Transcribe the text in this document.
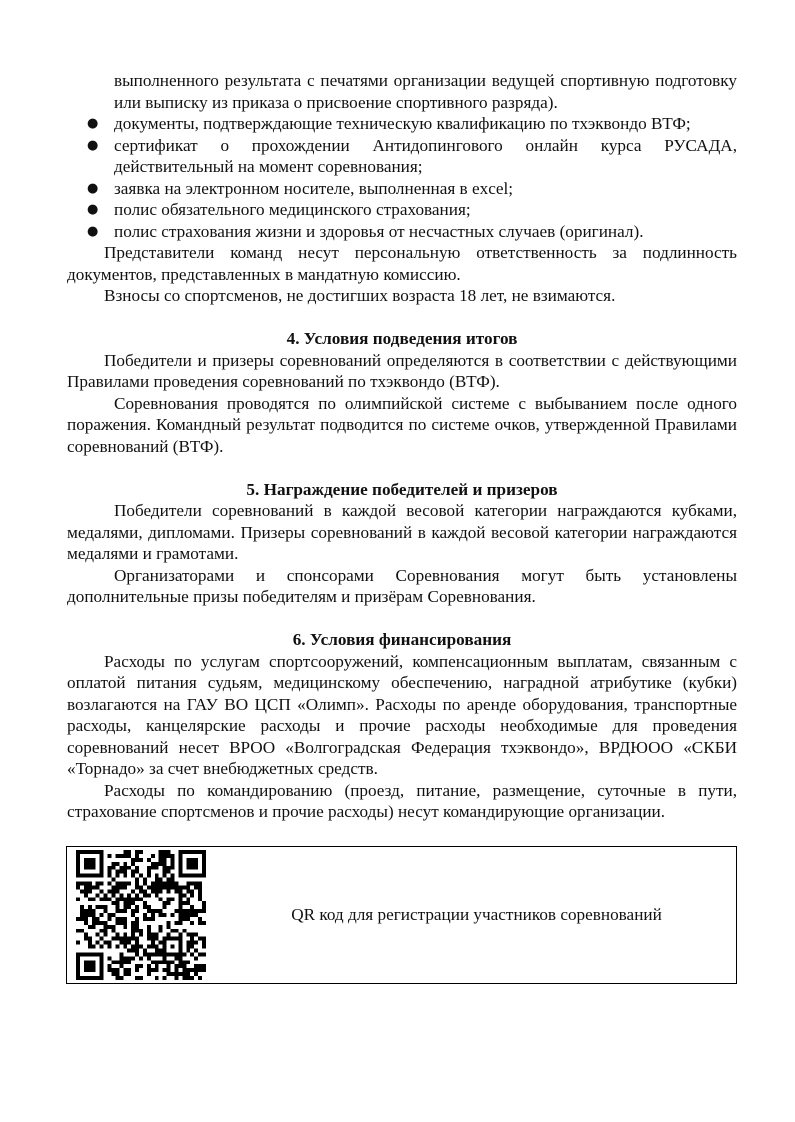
выполненного результата с печатями организации ведущей спортивную подготовку или выписку из приказа о присвоение спортивного разряда).

● документы, подтверждающие техническую квалификацию по тхэквондо ВТФ;
● сертификат о прохождении Антидопингового онлайн курса РУСАДА, действительный на момент соревнования;
● заявка на электронном носителе, выполненная в excel;
● полис обязательного медицинского страхования;
● полис страхования жизни и здоровья от несчастных случаев (оригинал).

Представители команд несут персональную ответственность за подлинность документов, представленных в мандатную комиссию.

Взносы со спортсменов, не достигших возраста 18 лет, не взимаются.

4. Условия подведения итогов

Победители и призеры соревнований определяются в соответствии с действующими Правилами проведения соревнований по тхэквондо (ВТФ).

Соревнования проводятся по олимпийской системе с выбыванием после одного поражения. Командный результат подводится по системе очков, утвержденной Правилами соревнований (ВТФ).

5. Награждение победителей и призеров

Победители соревнований в каждой весовой категории награждаются кубками, медалями, дипломами. Призеры соревнований в каждой весовой категории награждаются медалями и грамотами.

Организаторами и спонсорами Соревнования могут быть установлены дополнительные призы победителям и призёрам Соревнования.

6. Условия финансирования

Расходы по услугам спортсооружений, компенсационным выплатам, связанным с оплатой питания судьям, медицинскому обеспечению, наградной атрибутике (кубки) возлагаются на ГАУ ВО ЦСП «Олимп». Расходы по аренде оборудования, транспортные расходы, канцелярские расходы и прочие расходы необходимые для проведения соревнований несет ВРОО «Волгоградская Федерация тхэквондо», ВРДЮОО «СКБИ «Торнадо» за счет внебюджетных средств.

Расходы по командированию (проезд, питание, размещение, суточные в пути, страхование спортсменов и прочие расходы) несут командирующие организации.

QR код для регистрации участников соревнований
